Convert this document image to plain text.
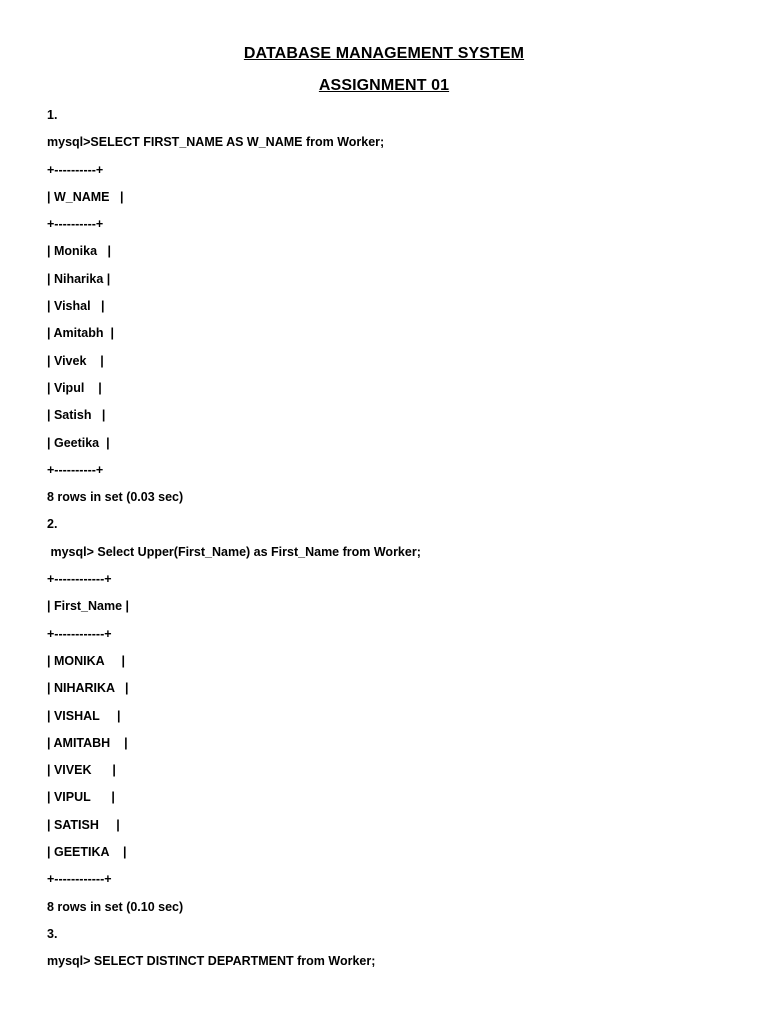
DATABASE MANAGEMENT SYSTEM
ASSIGNMENT 01
1.
mysql>SELECT FIRST_NAME AS W_NAME from Worker;
+----------+
| W_NAME   |
+----------+
| Monika   |
| Niharika |
| Vishal   |
| Amitabh  |
| Vivek    |
| Vipul    |
| Satish   |
| Geetika  |
+----------+
8 rows in set (0.03 sec)
2.
mysql> Select Upper(First_Name) as First_Name from Worker;
+------------+
| First_Name |
+------------+
| MONIKA     |
| NIHARIKA   |
| VISHAL     |
| AMITABH    |
| VIVEK      |
| VIPUL      |
| SATISH     |
| GEETIKA    |
+------------+
8 rows in set (0.10 sec)
3.
mysql> SELECT DISTINCT DEPARTMENT from Worker;
